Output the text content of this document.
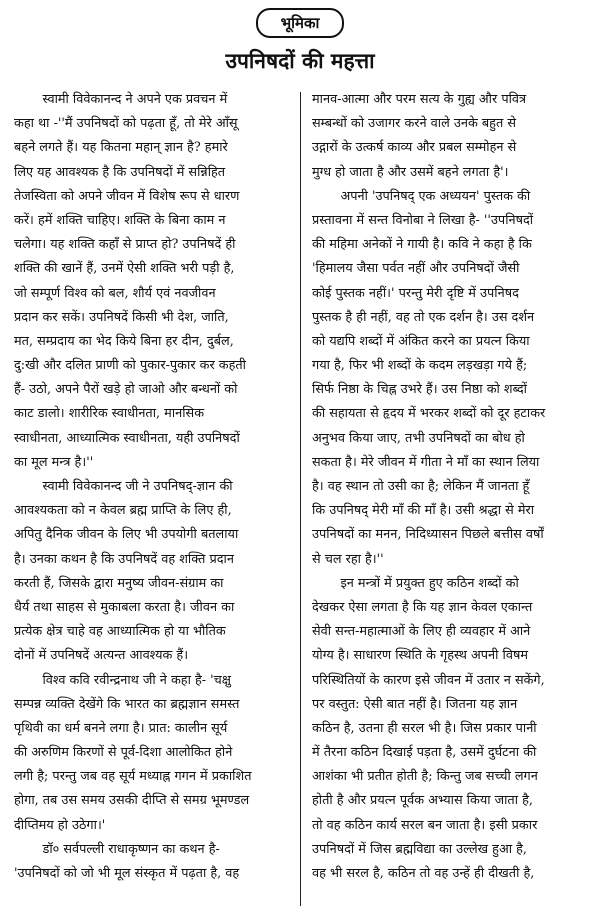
भूमिका
उपनिषदों की महत्ता
स्वामी विवेकानन्द ने अपने एक प्रवचन में
कहा था -''मैं उपनिषदों को पढ़ता हूँ, तो मेरे आँसू
बहने लगते हैं। यह कितना महान् ज्ञान है? हमारे
लिए यह आवश्यक है कि उपनिषदों में सन्निहित
तेजस्विता को अपने जीवन में विशेष रूप से धारण
करें। हमें शक्ति चाहिए। शक्ति के बिना काम न
चलेगा। यह शक्ति कहाँ से प्राप्त हो? उपनिषदें ही
शक्ति की खानें हैं, उनमें ऐसी शक्ति भरी पड़ी है,
जो सम्पूर्ण विश्व को बल, शौर्य एवं नवजीवन
प्रदान कर सकें। उपनिषदें किसी भी देश, जाति,
मत, सम्प्रदाय का भेद किये बिना हर दीन, दुर्बल,
दु:खी और दलित प्राणी को पुकार-पुकार कर कहती
हैं- उठो, अपने पैरों खड़े हो जाओ और बन्धनों को
काट डालो। शारीरिक स्वाधीनता, मानसिक
स्वाधीनता, आध्यात्मिक स्वाधीनता, यही उपनिषदों
का मूल मन्त्र है।''
स्वामी विवेकानन्द जी ने उपनिषद्-ज्ञान की
आवश्यकता को न केवल ब्रह्म प्राप्ति के लिए ही,
अपितु दैनिक जीवन के लिए भी उपयोगी बतलाया
है। उनका कथन है कि उपनिषदें वह शक्ति प्रदान
करती हैं, जिसके द्वारा मनुष्य जीवन-संग्राम का
धैर्य तथा साहस से मुकाबला करता है। जीवन का
प्रत्येक क्षेत्र चाहे वह आध्यात्मिक हो या भौतिक
दोनों में उपनिषदें अत्यन्त आवश्यक हैं।
विश्व कवि रवीन्द्रनाथ जी ने कहा है- 'चक्षु
सम्पन्न व्यक्ति देखेंगे कि भारत का ब्रह्मज्ञान समस्त
पृथिवी का धर्म बनने लगा है। प्रात: कालीन सूर्य
की अरुणिम किरणों से पूर्व-दिशा आलोकित होने
लगी है; परन्तु जब वह सूर्य मध्याह्न गगन में प्रकाशित
होगा, तब उस समय उसकी दीप्ति से समग्र भूमण्डल
दीप्तिमय हो उठेगा।'
डॉ० सर्वपल्ली राधाकृष्णन का कथन है-
'उपनिषदों को जो भी मूल संस्कृत में पढ़ता है, वह
मानव-आत्मा और परम सत्य के गुह्य और पवित्र
सम्बन्धों को उजागर करने वाले उनके बहुत से
उद्गारों के उत्कर्ष काव्य और प्रबल सम्मोहन से
मुग्ध हो जाता है और उसमें बहने लगता है'।
अपनी 'उपनिषद् एक अध्ययन' पुस्तक की
प्रस्तावना में सन्त विनोबा ने लिखा है- ''उपनिषदों
की महिमा अनेकों ने गायी है। कवि ने कहा है कि
'हिमालय जैसा पर्वत नहीं और उपनिषदों जैसी
कोई पुस्तक नहीं।' परन्तु मेरी दृष्टि में उपनिषद
पुस्तक है ही नहीं, वह तो एक दर्शन है। उस दर्शन
को यद्यपि शब्दों में अंकित करने का प्रयत्न किया
गया है, फिर भी शब्दों के कदम लड़खड़ा गये हैं;
सिर्फ निष्ठा के चिह्न उभरे हैं। उस निष्ठा को शब्दों
की सहायता से हृदय में भरकर शब्दों को दूर हटाकर
अनुभव किया जाए, तभी उपनिषदों का बोध हो
सकता है। मेरे जीवन में गीता ने माँ का स्थान लिया
है। वह स्थान तो उसी का है; लेकिन मैं जानता हूँ
कि उपनिषद् मेरी माँ की माँ है। उसी श्रद्धा से मेरा
उपनिषदों का मनन, निदिध्यासन पिछले बत्तीस वर्षों
से चल रहा है।''
इन मन्त्रों में प्रयुक्त हुए कठिन शब्दों को
देखकर ऐसा लगता है कि यह ज्ञान केवल एकान्त
सेवी सन्त-महात्माओं के लिए ही व्यवहार में आने
योग्य है। साधारण स्थिति के गृहस्थ अपनी विषम
परिस्थितियों के कारण इसे जीवन में उतार न सकेंगे,
पर वस्तुत: ऐसी बात नहीं है। जितना यह ज्ञान
कठिन है, उतना ही सरल भी है। जिस प्रकार पानी
में तैरना कठिन दिखाई पड़ता है, उसमें दुर्घटना की
आशंका भी प्रतीत होती है; किन्तु जब सच्ची लगन
होती है और प्रयत्न पूर्वक अभ्यास किया जाता है,
तो वह कठिन कार्य सरल बन जाता है। इसी प्रकार
उपनिषदों में जिस ब्रह्मविद्या का उल्लेख हुआ है,
वह भी सरल है, कठिन तो वह उन्हें ही दीखती है,
